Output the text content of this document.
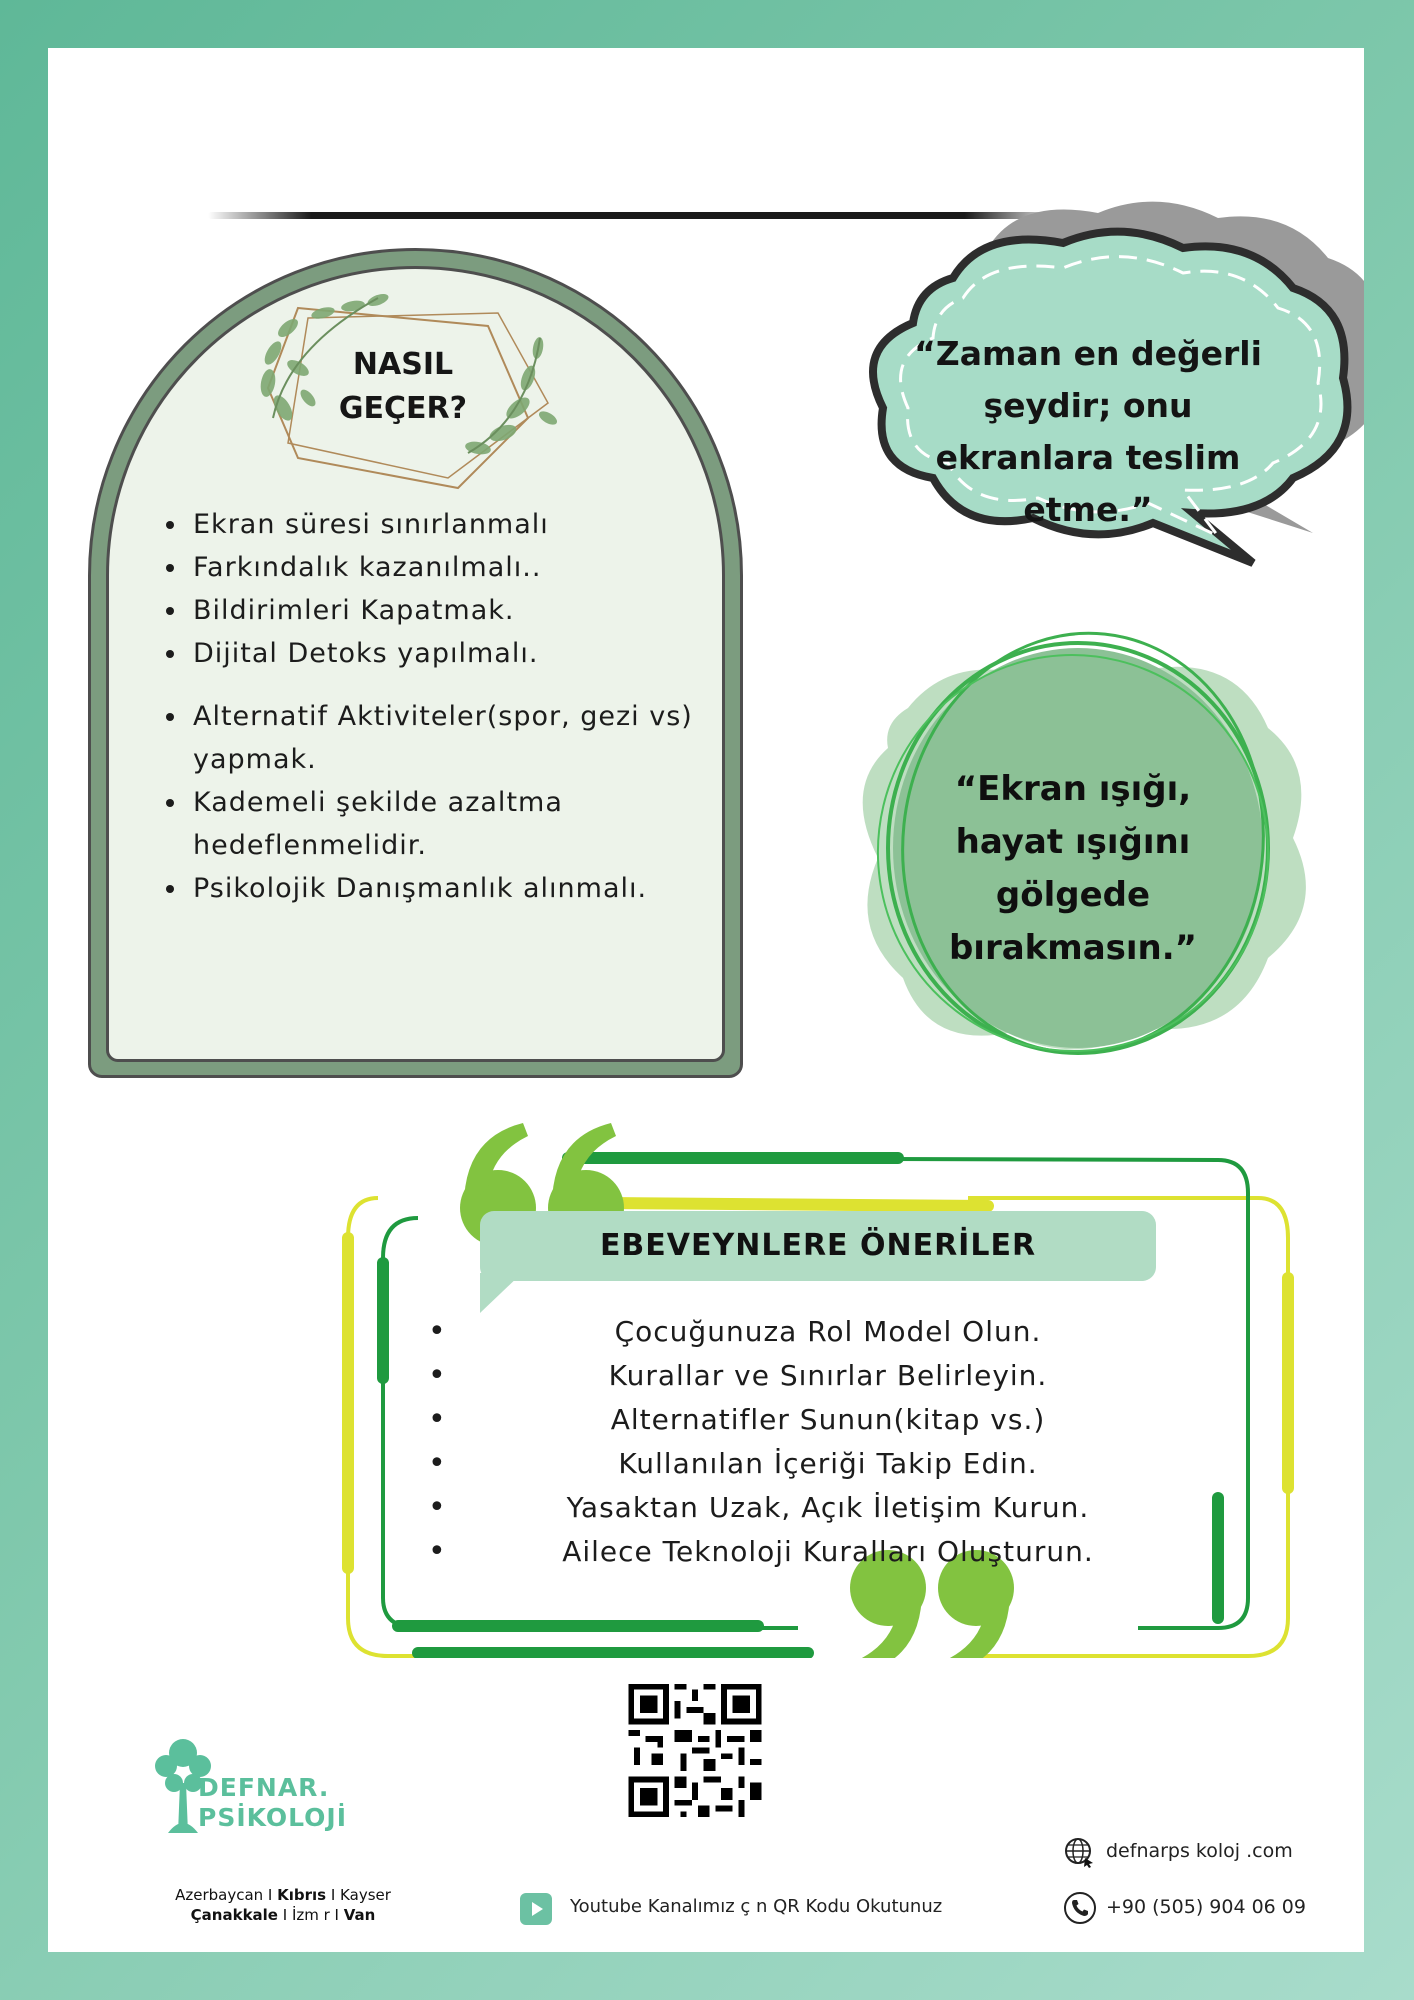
NASIL
GEÇER?
• Ekran süresi sınırlanmalı
• Farkındalık kazanılmalı..
• Bildirimleri Kapatmak.
• Dijital Detoks yapılmalı.
• Alternatif Aktiviteler(spor, gezi vs) yapmak.
• Kademeli şekilde azaltma hedeflenmelidir.
• Psikolojik Danışmanlık alınmalı.
“Zaman en değerli
şeydir; onu
ekranlara teslim
etme.”
“Ekran ışığı,
hayat ışığını
gölgede
bırakmasın.”
EBEVEYNLERE ÖNERİLER
• Çocuğunuza Rol Model Olun.
• Kurallar ve Sınırlar Belirleyin.
• Alternatifler Sunun(kitap vs.)
• Kullanılan İçeriği Takip Edin.
• Yasaktan Uzak, Açık İletişim Kurun.
• Ailece Teknoloji Kuralları Oluşturun.
DEFNAR.
PSİKOLOJİ
Azerbaycan I Kıbrıs I Kayser
Çanakkale I İzm r I Van	Youtube Kanalımız ç n QR Kodu Okutunuz
defnarps koloj .com
+90 (505) 904 06 09
